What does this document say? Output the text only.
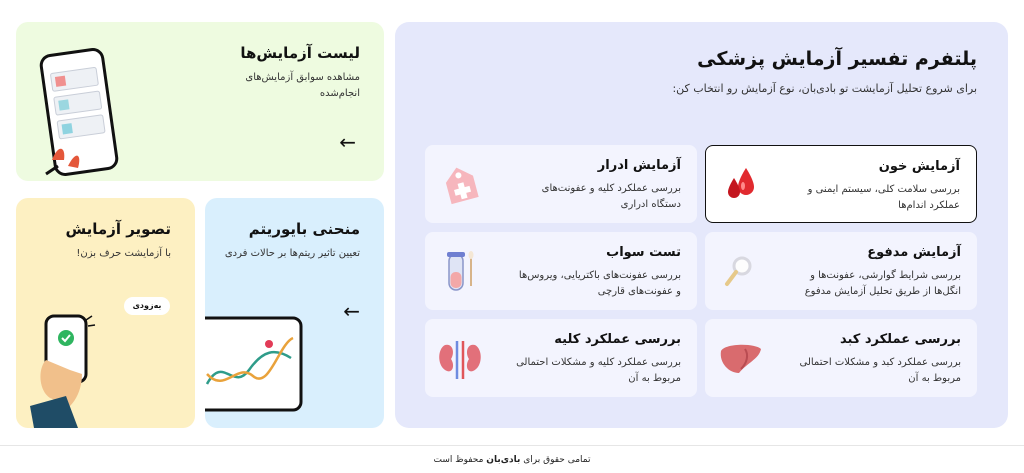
پلتفرم تفسیر آزمایش پزشکی
برای شروع تحلیل آزمایشت تو بادی‌بان، نوع آزمایش رو انتخاب کن:
آزمایش خون
بررسی سلامت کلی، سیستم ایمنی و عملکرد اندام‌ها
آزمایش ادرار
بررسی عملکرد کلیه و عفونت‌های دستگاه ادراری
آزمایش مدفوع
بررسی شرایط گوارشی، عفونت‌ها و انگل‌ها از طریق تحلیل آزمایش مدفوع
تست سواب
بررسی عفونت‌های باکتریایی، ویروس‌ها و عفونت‌های قارچی
بررسی عملکرد کبد
بررسی عملکرد کبد و مشکلات احتمالی مربوط به آن
بررسی عملکرد کلیه
بررسی عملکرد کلیه و مشکلات احتمالی مربوط به آن
لیست آزمایش‌ها
مشاهده سوابق آزمایش‌های انجام‌شده
←
منحنی بایوریتم
تعیین تاثیر ریتم‌ها بر حالات فردی
←
تصویر آزمایش
با آزمایشت حرف بزن!
به‌زودی
تمامی حقوق برای بادی‌بان محفوظ است
